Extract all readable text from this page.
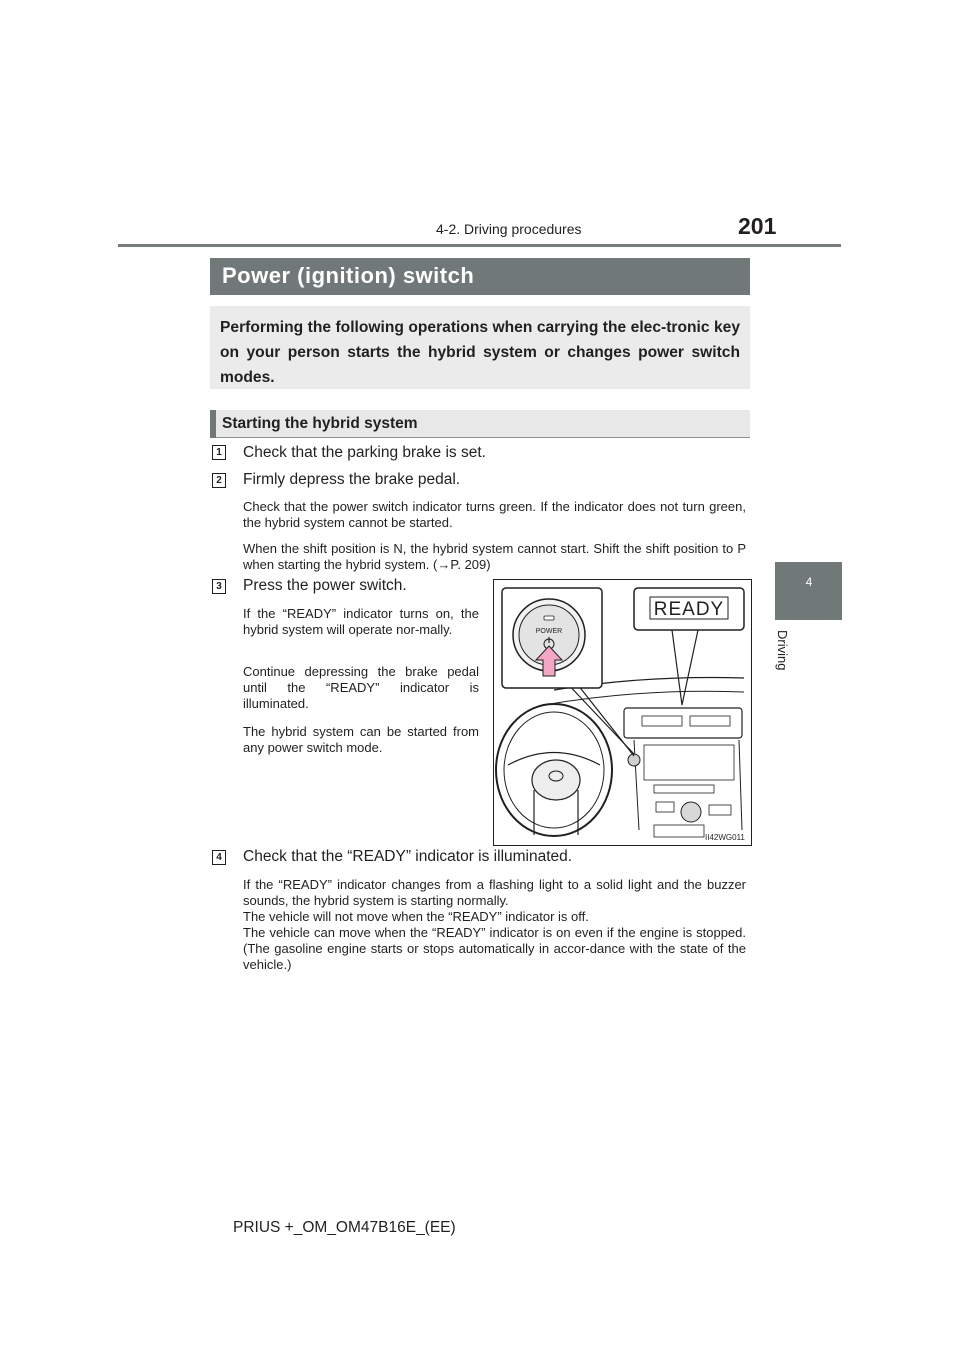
201
4-2. Driving procedures
Power (ignition) switch
Performing the following operations when carrying the elec-tronic key on your person starts the hybrid system or changes power switch modes.
Starting the hybrid system
1 Check that the parking brake is set.
2 Firmly depress the brake pedal.
Check that the power switch indicator turns green. If the indicator does not turn green, the hybrid system cannot be started.
When the shift position is N, the hybrid system cannot start. Shift the shift position to P when starting the hybrid system. (→P. 209)
3 Press the power switch.
If the “READY” indicator turns on, the hybrid system will operate nor-mally.
Continue depressing the brake pedal until the “READY” indicator is illuminated.
The hybrid system can be started from any power switch mode.
POWER
READY
II42WG011
4 Check that the “READY” indicator is illuminated.
If the “READY” indicator changes from a flashing light to a solid light and the buzzer sounds, the hybrid system is starting normally.
The vehicle will not move when the “READY” indicator is off.
The vehicle can move when the “READY” indicator is on even if the engine is stopped. (The gasoline engine starts or stops automatically in accor-dance with the state of the vehicle.)
4
Driving
PRIUS +_OM_OM47B16E_(EE)
